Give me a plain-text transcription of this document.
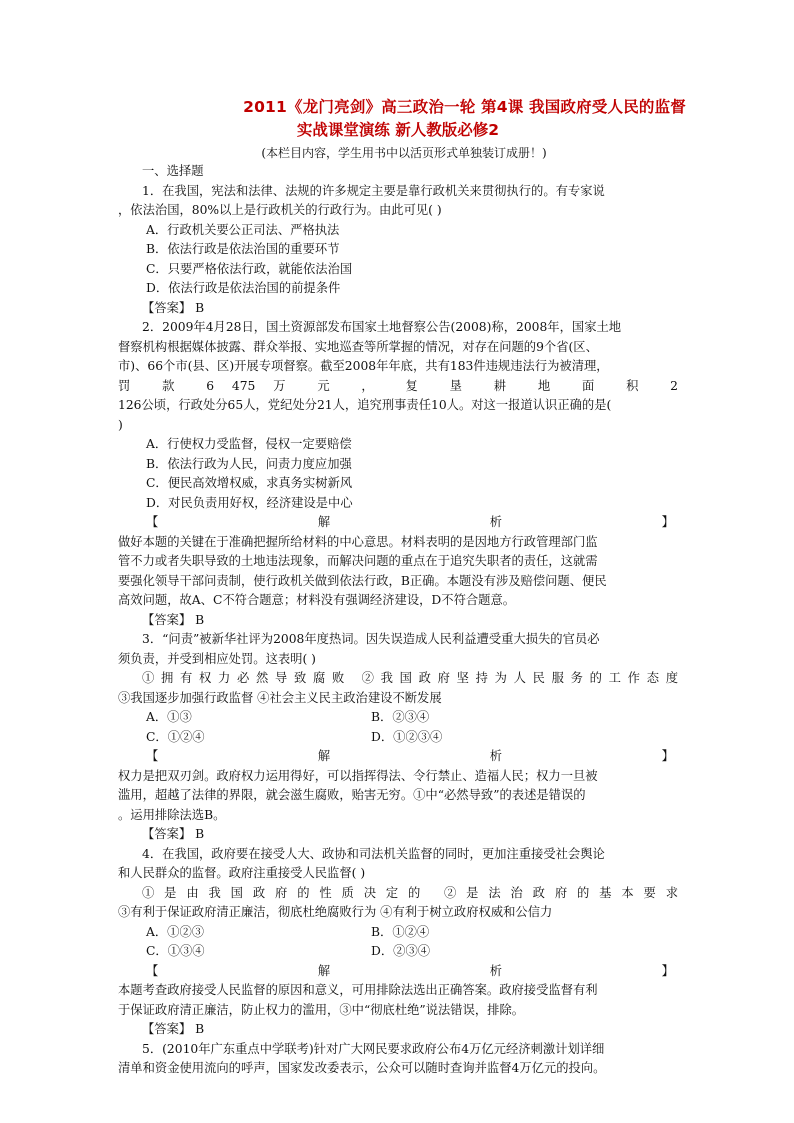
2011《龙门亮剑》高三政治一轮 第4课 我国政府受人民的监督
实战课堂演练 新人教版必修2

(本栏目内容，学生用书中以活页形式单独装订成册！)

一、选择题

1．在我国，宪法和法律、法规的许多规定主要是靠行政机关来贯彻执行的。有专家说

，依法治国，80%以上是行政机关的行政行为。由此可见( )

A．行政机关要公正司法、严格执法

B．依法行政是依法治国的重要环节

C．只要严格依法行政，就能依法治国

D．依法行政是依法治国的前提条件

【答案】 B

2．2009年4月28日，国土资源部发布国家土地督察公告(2008)称，2008年，国家土地

督察机构根据媒体披露、群众举报、实地巡查等所掌握的情况，对存在问题的9个省(区、

市)、66个市(县、区)开展专项督察。截至2008年年底，共有183件违规违法行为被清理，

罚 款 6 475 万 元 ， 复 垦 耕 地 面 积 2

126公顷，行政处分65人，党纪处分21人，追究刑事责任10人。对这一报道认识正确的是(

)

A．行使权力受监督，侵权一定要赔偿

B．依法行政为人民，问责力度应加强

C．便民高效增权威，求真务实树新风

D．对民负责用好权，经济建设是中心

【	解	析	】

做好本题的关键在于准确把握所给材料的中心意思。材料表明的是因地方行政管理部门监

管不力或者失职导致的土地违法现象，而解决问题的重点在于追究失职者的责任，这就需

要强化领导干部问责制，使行政机关做到依法行政，B正确。本题没有涉及赔偿问题、便民

高效问题，故A、C不符合题意；材料没有强调经济建设，D不符合题意。

【答案】 B

3．“问责”被新华社评为2008年度热词。因失误造成人民利益遭受重大损失的官员必

须负责，并受到相应处罚。这表明( )

①拥有权力必然导致腐败 ②我国政府坚持为人民服务的工作态度

③我国逐步加强行政监督 ④社会主义民主政治建设不断发展

A．①③	B．②③④

C．①②④	D．①②③④

【	解	析	】

权力是把双刃剑。政府权力运用得好，可以指挥得法、令行禁止、造福人民；权力一旦被

滥用，超越了法律的界限，就会滋生腐败，贻害无穷。①中“必然导致”的表述是错误的

。运用排除法选B。

【答案】 B

4．在我国，政府要在接受人大、政协和司法机关监督的同时，更加注重接受社会舆论

和人民群众的监督。政府注重接受人民监督( )

①是由我国政府的性质决定的 ②是法治政府的基本要求

③有利于保证政府清正廉洁，彻底杜绝腐败行为 ④有利于树立政府权威和公信力

A．①②③	B．①②④

C．①③④	D．②③④

【	解	析	】

本题考查政府接受人民监督的原因和意义，可用排除法选出正确答案。政府接受监督有利

于保证政府清正廉洁，防止权力的滥用，③中“彻底杜绝”说法错误，排除。

【答案】 B

5．(2010年广东重点中学联考)针对广大网民要求政府公布4万亿元经济刺激计划详细

清单和资金使用流向的呼声，国家发改委表示，公众可以随时查询并监督4万亿元的投向。
